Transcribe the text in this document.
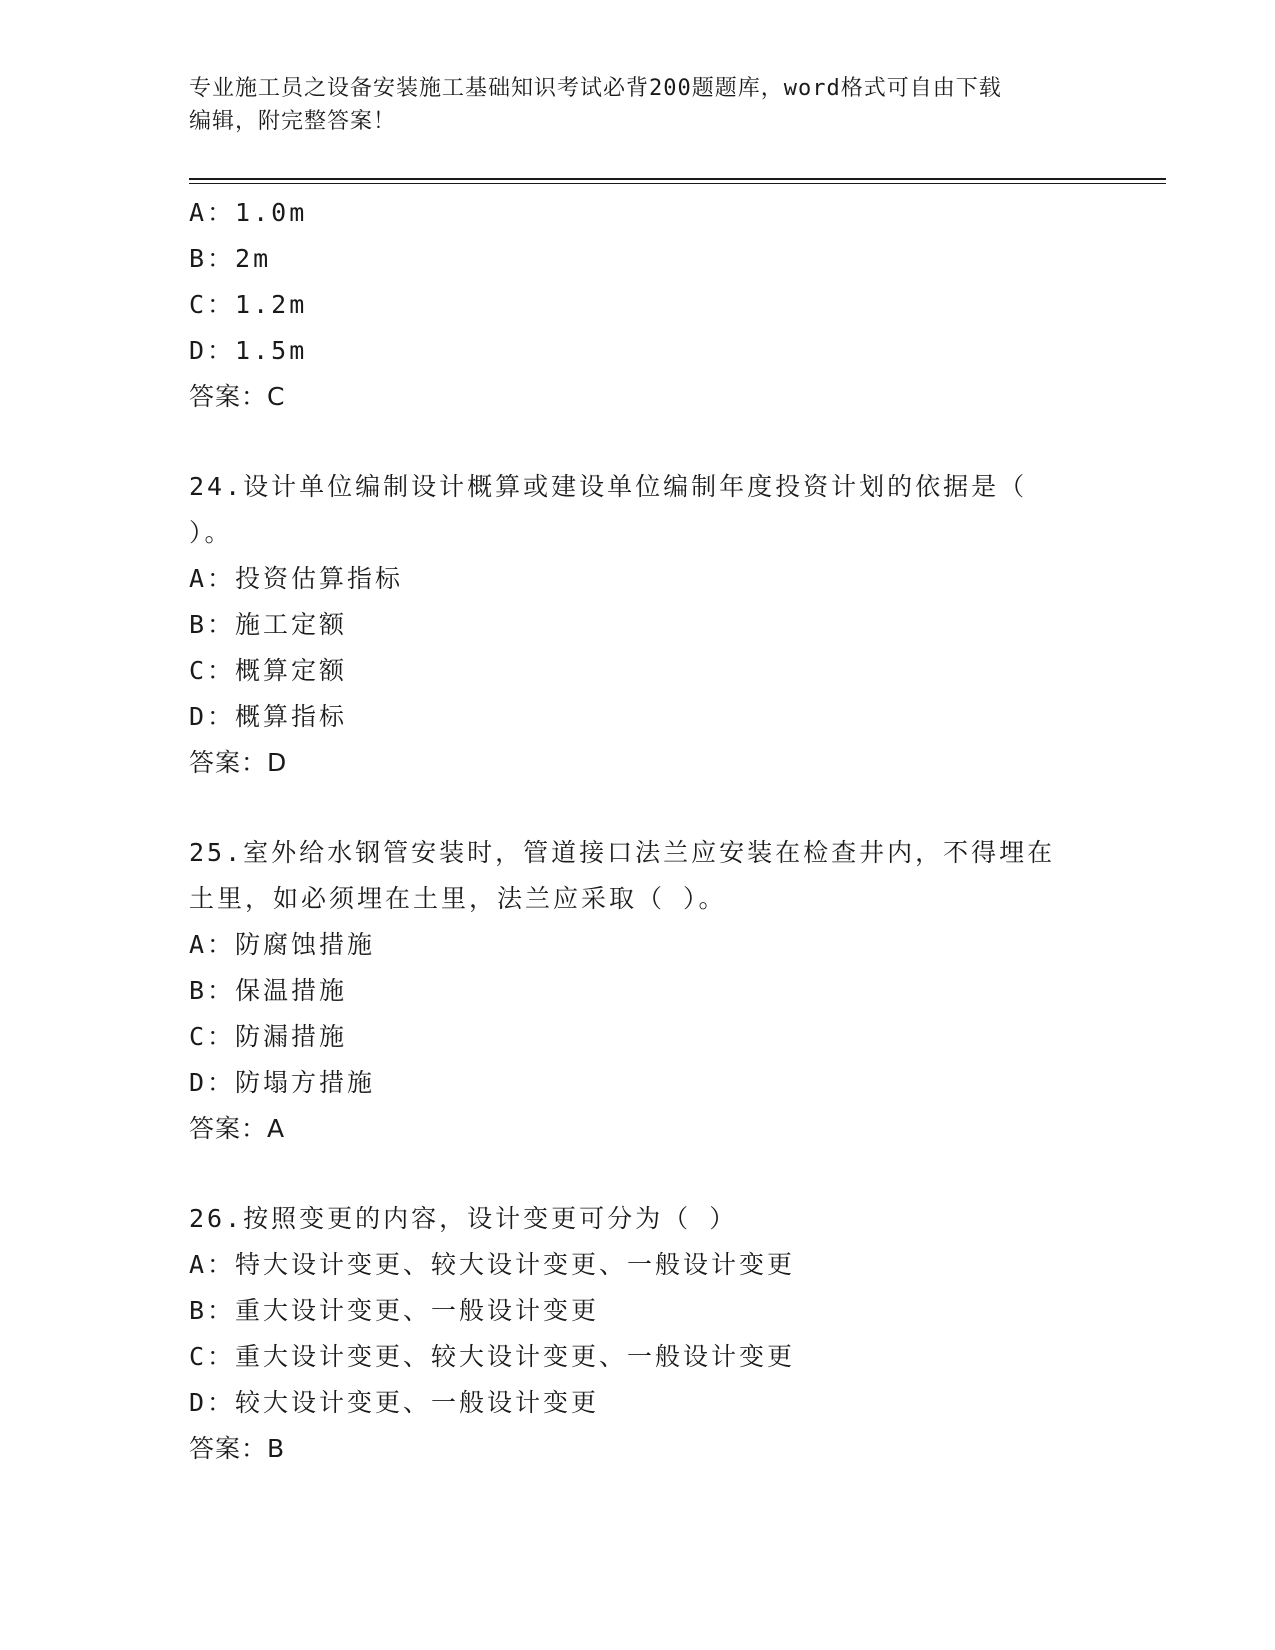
专业施工员之设备安装施工基础知识考试必背200题题库，word格式可自由下载
编辑，附完整答案！
A：1.0m
B：2m
C：1.2m
D：1.5m
答案：C
24.设计单位编制设计概算或建设单位编制年度投资计划的依据是（
）。
A：投资估算指标
B：施工定额
C：概算定额
D：概算指标
答案：D
25.室外给水钢管安装时，管道接口法兰应安装在检查井内，不得埋在
土里，如必须埋在土里，法兰应采取（ ）。
A：防腐蚀措施
B：保温措施
C：防漏措施
D：防塌方措施
答案：A
26.按照变更的内容，设计变更可分为（ ）
A：特大设计变更、较大设计变更、一般设计变更
B：重大设计变更、一般设计变更
C：重大设计变更、较大设计变更、一般设计变更
D：较大设计变更、一般设计变更
答案：B
